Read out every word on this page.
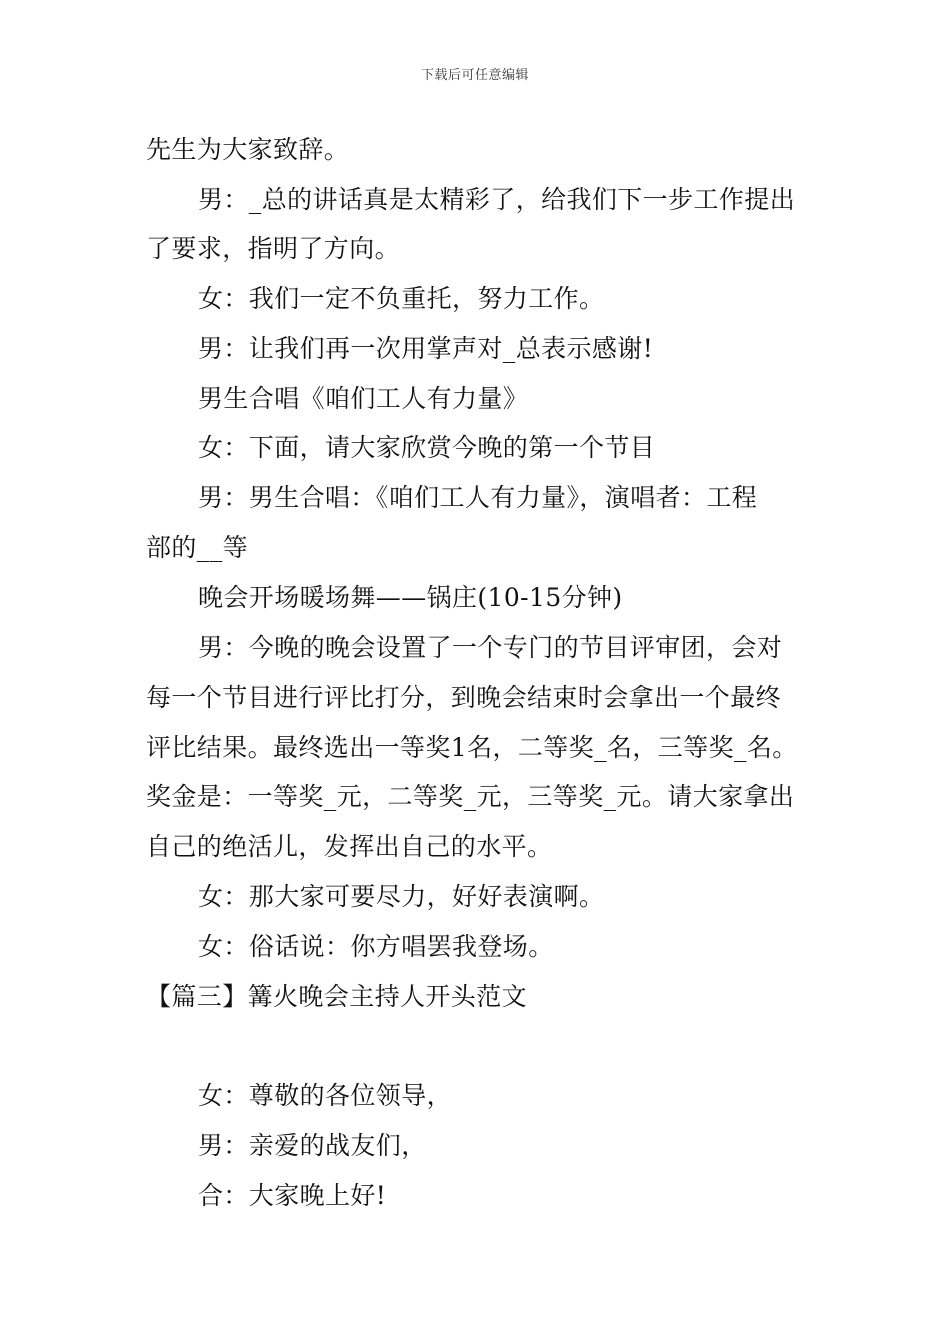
下载后可任意编辑
先生为大家致辞。
男：_总的讲话真是太精彩了，给我们下一步工作提出
了要求，指明了方向。
女：我们一定不负重托，努力工作。
男：让我们再一次用掌声对_总表示感谢!
男生合唱《咱们工人有力量》
女：下面，请大家欣赏今晚的第一个节目
男：男生合唱：《咱们工人有力量》，演唱者：工程
部的__等
晚会开场暖场舞——锅庄(10-15分钟)
男：今晚的晚会设置了一个专门的节目评审团，会对
每一个节目进行评比打分，到晚会结束时会拿出一个最终
评比结果。最终选出一等奖1名，二等奖_名，三等奖_名。
奖金是：一等奖_元，二等奖_元，三等奖_元。请大家拿出
自己的绝活儿，发挥出自己的水平。
女：那大家可要尽力，好好表演啊。
女：俗话说：你方唱罢我登场。
【篇三】篝火晚会主持人开头范文
女：尊敬的各位领导，
男：亲爱的战友们，
合：大家晚上好!
